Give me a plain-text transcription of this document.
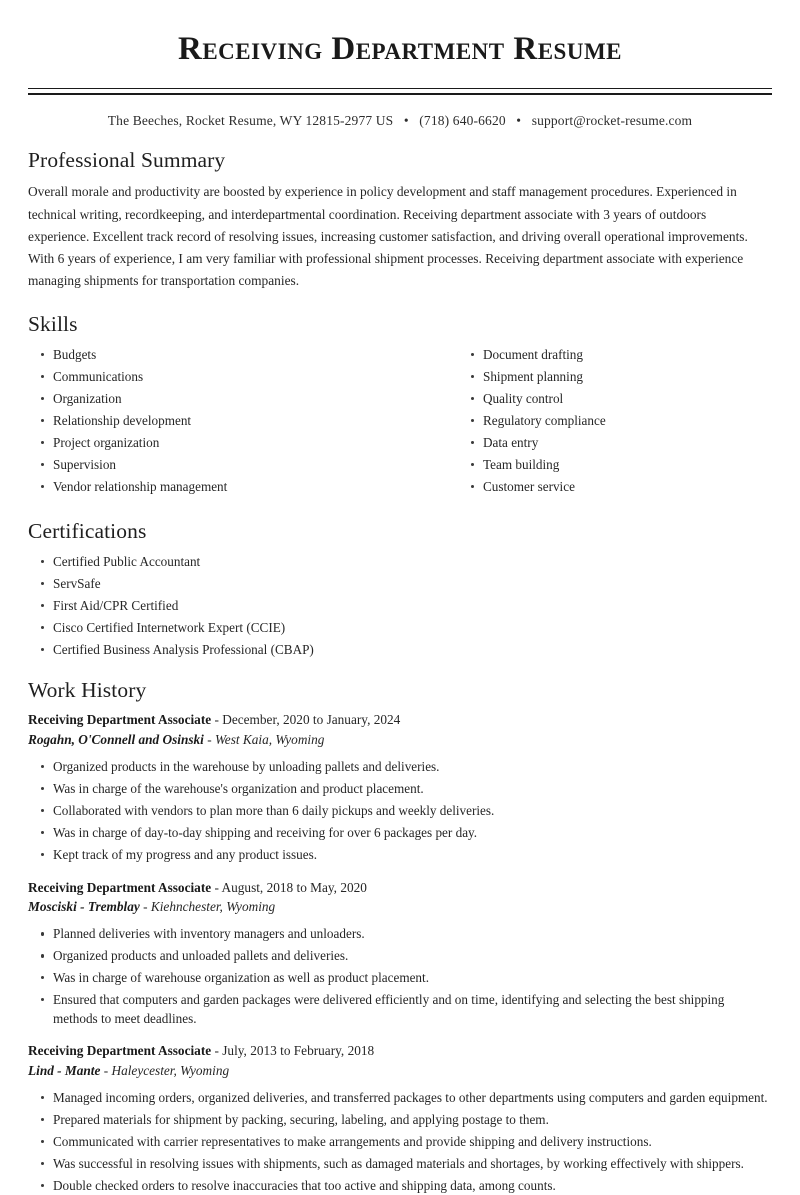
Receiving Department Resume
The Beeches, Rocket Resume, WY 12815-2977 US • (718) 640-6620 • support@rocket-resume.com
Professional Summary

Overall morale and productivity are boosted by experience in policy development and staff management procedures. Experienced in technical writing, recordkeeping, and interdepartmental coordination. Receiving department associate with 3 years of outdoors experience. Excellent track record of resolving issues, increasing customer satisfaction, and driving overall operational improvements. With 6 years of experience, I am very familiar with professional shipment processes. Receiving department associate with experience managing shipments for transportation companies.

Skills
Budgets
Communications
Organization
Relationship development
Project organization
Supervision
Vendor relationship management
Document drafting
Shipment planning
Quality control
Regulatory compliance
Data entry
Team building
Customer service
Certifications
Certified Public Accountant
ServSafe
First Aid/CPR Certified
Cisco Certified Internetwork Expert (CCIE)
Certified Business Analysis Professional (CBAP)
Work History
Receiving Department Associate - December, 2020 to January, 2024
Rogahn, O'Connell and Osinski - West Kaia, Wyoming
Organized products in the warehouse by unloading pallets and deliveries.
Was in charge of the warehouse's organization and product placement.
Collaborated with vendors to plan more than 6 daily pickups and weekly deliveries.
Was in charge of day-to-day shipping and receiving for over 6 packages per day.
Kept track of my progress and any product issues.
Receiving Department Associate - August, 2018 to May, 2020
Mosciski - Tremblay - Kiehnchester, Wyoming
Planned deliveries with inventory managers and unloaders.
Organized products and unloaded pallets and deliveries.
Was in charge of warehouse organization as well as product placement.
Ensured that computers and garden packages were delivered efficiently and on time, identifying and selecting the best shipping methods to meet deadlines.
Receiving Department Associate - July, 2013 to February, 2018
Lind - Mante - Haleycester, Wyoming
Managed incoming orders, organized deliveries, and transferred packages to other departments using computers and garden equipment.
Prepared materials for shipment by packing, securing, labeling, and applying postage to them.
Communicated with carrier representatives to make arrangements and provide shipping and delivery instructions.
Was successful in resolving issues with shipments, such as damaged materials and shortages, by working effectively with shippers.
Double checked orders to resolve inaccuracies that too active and shipping data, among counts.
